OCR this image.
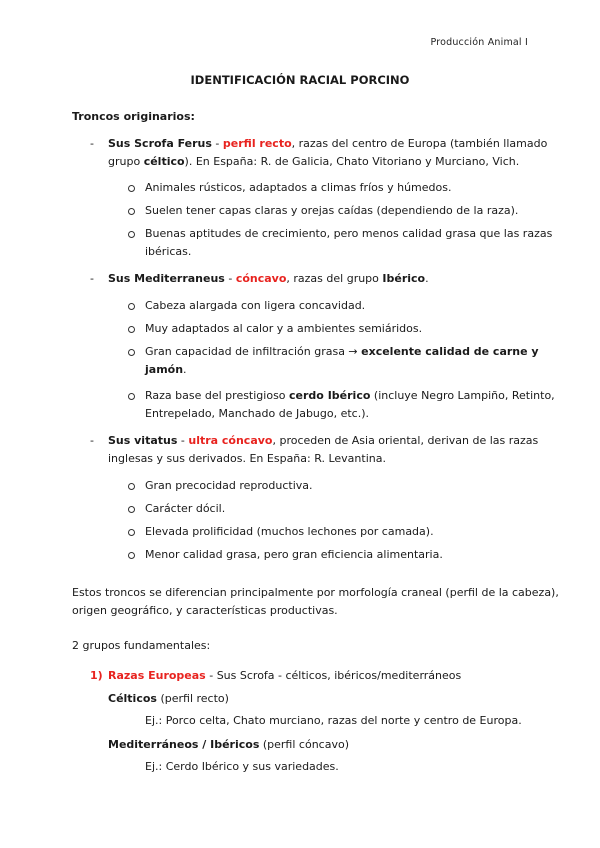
Producción Animal I
IDENTIFICACIÓN RACIAL PORCINO
Troncos originarios:
- Sus Scrofa Ferus - perfil recto, razas del centro de Europa (también llamado
grupo céltico). En España: R. de Galicia, Chato Vitoriano y Murciano, Vich.
Animales rústicos, adaptados a climas fríos y húmedos.
Suelen tener capas claras y orejas caídas (dependiendo de la raza).
Buenas aptitudes de crecimiento, pero menos calidad grasa que las razas
ibéricas.
- Sus Mediterraneus - cóncavo, razas del grupo Ibérico.
Cabeza alargada con ligera concavidad.
Muy adaptados al calor y a ambientes semiáridos.
Gran capacidad de infiltración grasa → excelente calidad de carne y
jamón.
Raza base del prestigioso cerdo Ibérico (incluye Negro Lampiño, Retinto,
Entrepelado, Manchado de Jabugo, etc.).
- Sus vitatus - ultra cóncavo, proceden de Asia oriental, derivan de las razas
inglesas y sus derivados. En España: R. Levantina.
Gran precocidad reproductiva.
Carácter dócil.
Elevada prolificidad (muchos lechones por camada).
Menor calidad grasa, pero gran eficiencia alimentaria.
Estos troncos se diferencian principalmente por morfología craneal (perfil de la cabeza),
origen geográfico, y características productivas.
2 grupos fundamentales:
1) Razas Europeas - Sus Scrofa - célticos, ibéricos/mediterráneos
Célticos (perfil recto)
Ej.: Porco celta, Chato murciano, razas del norte y centro de Europa.
Mediterráneos / Ibéricos (perfil cóncavo)
Ej.: Cerdo Ibérico y sus variedades.
